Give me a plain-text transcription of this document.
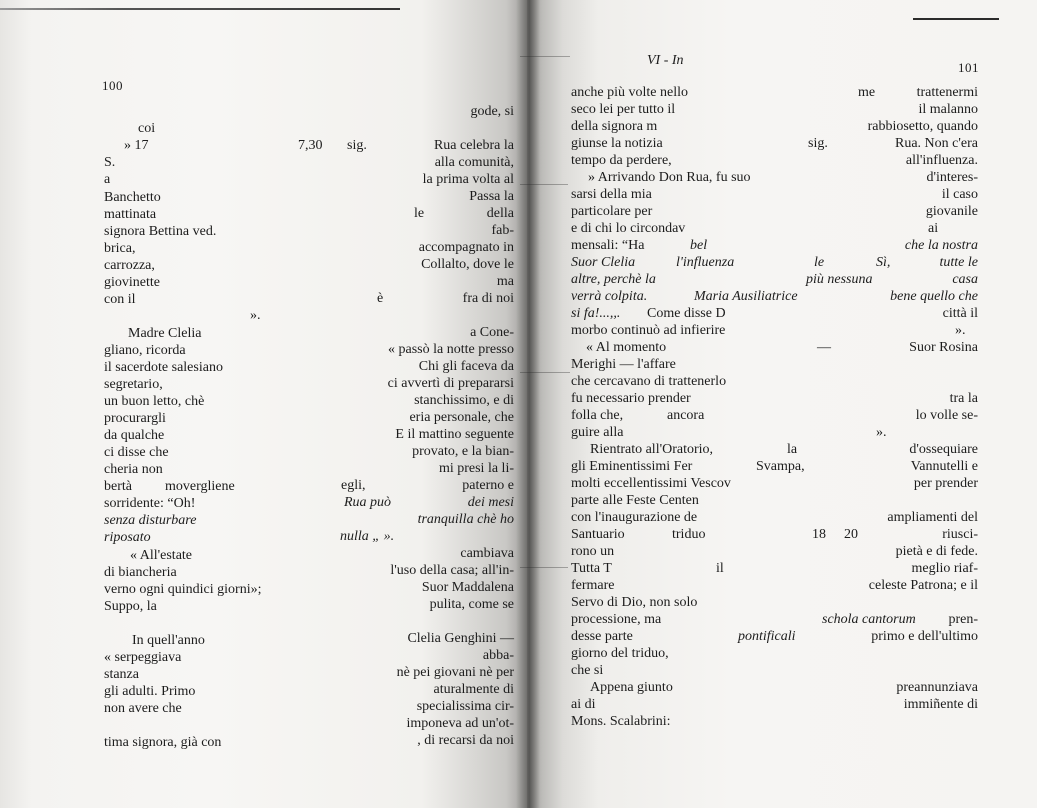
100
VI - In	101
coi
» 17
S.
a
Banchetto
mattinata
signora Bettina ved.
brica,
carrozza,
giovinette
con il
Madre Clelia
gliano, ricorda
il sacerdote salesiano
segretario,
un buon letto, chè
procurargli
da qualche
ci disse che
cheria non
bertà movergliene
sorridente: “Oh!
senza disturbare
riposato
« All'estate
di biancheria
verno ogni quindici giorni»;
Suppo, la
In quell'anno
« serpeggiava
stanza
gli adulti. Primo
non avere che
tima signora, già con
7,30 sig.
».
gode, si
Rua celebra la
alla comunità,
la prima volta al
Passa la
le	della
fab-
accompagnato in
Collalto, dove le
ma
è	fra di noi
a Cone-
« passò la notte presso
Chi gli faceva da
ci avvertì di prepararsi
stanchissimo, e di
eria personale, che
E il mattino seguente
provato, e la bian-
mi presi la li-
egli,	paterno e
Rua può	dei mesi
tranquilla chè ho
nulla „ ».
cambiava
l'uso della casa; all'in-
Suor Maddalena
pulita, come se
Clelia Genghini —
abba-
nè pei giovani nè per
aturalmente di
specialissima cir-
imponeva ad un'ot-
, di recarsi da noi
anche più volte nello
seco lei per tutto il
della signora m
giunse la notizia
tempo da perdere,
» Arrivando Don Rua, fu suo
sarsi della mia
particolare per
e di chi lo circondav
mensali: “Ha	bel
Suor Clelia	l'influenza
altre, perchè la
verrà colpita.	Maria Ausiliatrice
si fa!...,,. Come disse D
morbo continuò ad infierire
« Al momento
Merighi — l'affare
che cercavano di trattenerlo
fu necessario prender
folla che,	ancora
guire alla
Rientrato all'Oratorio,	la
gli Eminentissimi Fer	Svampa,
molti eccellentissimi Vescov
parte alle Feste Centen
con l'inaugurazione de
Santuario	triduo
rono un
Tutta T	il
fermare
Servo di Dio, non solo
processione, ma
desse parte	pontificali
giorno del triduo,
che si
Appena giunto
ai di
Mons. Scalabrini:
sig.
le
più nessuna
—
18 20
me	trattenermi
il malanno
rabbiosetto, quando
Rua. Non c'era
all'influenza.
d'interes-
il caso
giovanile
ai
che la nostra
Sì,	tutte le
casa
bene quello che
città il
».
Suor Rosina
tra la
lo volle se-
».
d'ossequiare
Vannutelli e
per prender
ampliamenti del
riusci-
pietà e di fede.
meglio riaf-
celeste Patrona; e il
schola cantorum pren-
primo e dell'ultimo
preannunziava
immiñente di
